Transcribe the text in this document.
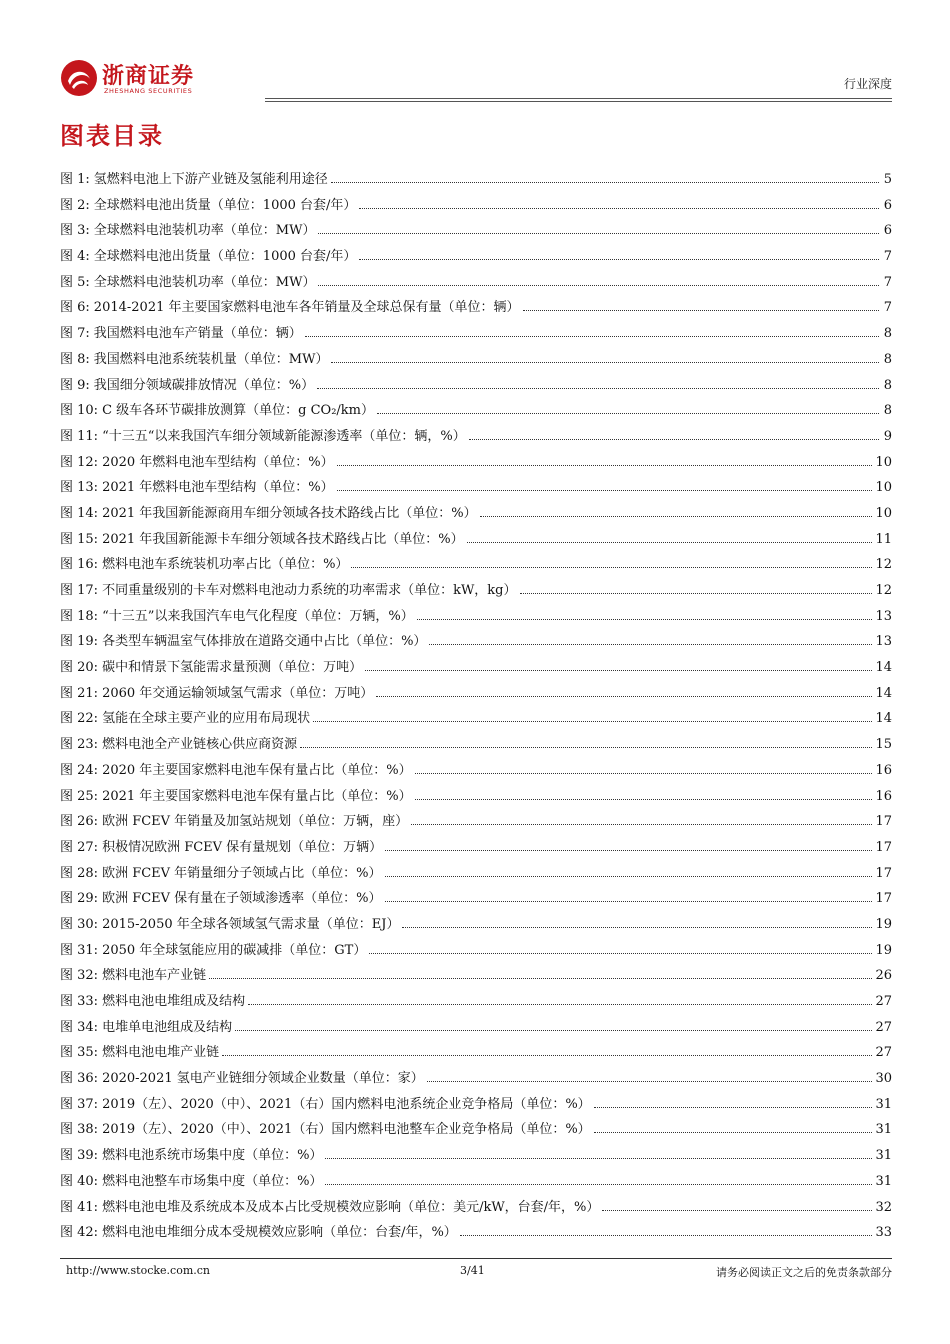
浙商证券
ZHESHANG SECURITIES	行业深度
图表目录
图 1: 氢燃料电池上下游产业链及氢能利用途径	5
图 2: 全球燃料电池出货量（单位：1000 台套/年）	6
图 3: 全球燃料电池装机功率（单位：MW）	6
图 4: 全球燃料电池出货量（单位：1000 台套/年）	7
图 5: 全球燃料电池装机功率（单位：MW）	7
图 6: 2014-2021 年主要国家燃料电池车各年销量及全球总保有量（单位：辆）	7
图 7: 我国燃料电池车产销量（单位：辆）	8
图 8: 我国燃料电池系统装机量（单位：MW）	8
图 9: 我国细分领域碳排放情况（单位：%）	8
图 10: C 级车各环节碳排放测算（单位：g CO₂/km）	8
图 11: “十三五“以来我国汽车细分领域新能源渗透率（单位：辆，%）	9
图 12: 2020 年燃料电池车型结构（单位：%）	10
图 13: 2021 年燃料电池车型结构（单位：%）	10
图 14: 2021 年我国新能源商用车细分领域各技术路线占比（单位：%）	10
图 15: 2021 年我国新能源卡车细分领域各技术路线占比（单位：%）	11
图 16: 燃料电池车系统装机功率占比（单位：%）	12
图 17: 不同重量级别的卡车对燃料电池动力系统的功率需求（单位：kW，kg）	12
图 18: “十三五”以来我国汽车电气化程度（单位：万辆，%）	13
图 19: 各类型车辆温室气体排放在道路交通中占比（单位：%）	13
图 20: 碳中和情景下氢能需求量预测（单位：万吨）	14
图 21: 2060 年交通运输领域氢气需求（单位：万吨）	14
图 22: 氢能在全球主要产业的应用布局现状	14
图 23: 燃料电池全产业链核心供应商资源	15
图 24: 2020 年主要国家燃料电池车保有量占比（单位：%）	16
图 25: 2021 年主要国家燃料电池车保有量占比（单位：%）	16
图 26: 欧洲 FCEV 年销量及加氢站规划（单位：万辆，座）	17
图 27: 积极情况欧洲 FCEV 保有量规划（单位：万辆）	17
图 28: 欧洲 FCEV 年销量细分子领域占比（单位：%）	17
图 29: 欧洲 FCEV 保有量在子领域渗透率（单位：%）	17
图 30: 2015-2050 年全球各领域氢气需求量（单位：EJ）	19
图 31: 2050 年全球氢能应用的碳减排（单位：GT）	19
图 32: 燃料电池车产业链	26
图 33: 燃料电池电堆组成及结构	27
图 34: 电堆单电池组成及结构	27
图 35: 燃料电池电堆产业链	27
图 36: 2020-2021 氢电产业链细分领域企业数量（单位：家）	30
图 37: 2019（左）、2020（中）、2021（右）国内燃料电池系统企业竞争格局（单位：%）	31
图 38: 2019（左）、2020（中）、2021（右）国内燃料电池整车企业竞争格局（单位：%）	31
图 39: 燃料电池系统市场集中度（单位：%）	31
图 40: 燃料电池整车市场集中度（单位：%）	31
图 41: 燃料电池电堆及系统成本及成本占比受规模效应影响（单位：美元/kW，台套/年，%）	32
图 42: 燃料电池电堆细分成本受规模效应影响（单位：台套/年，%）	33
http://www.stocke.com.cn	3/41	请务必阅读正文之后的免责条款部分
